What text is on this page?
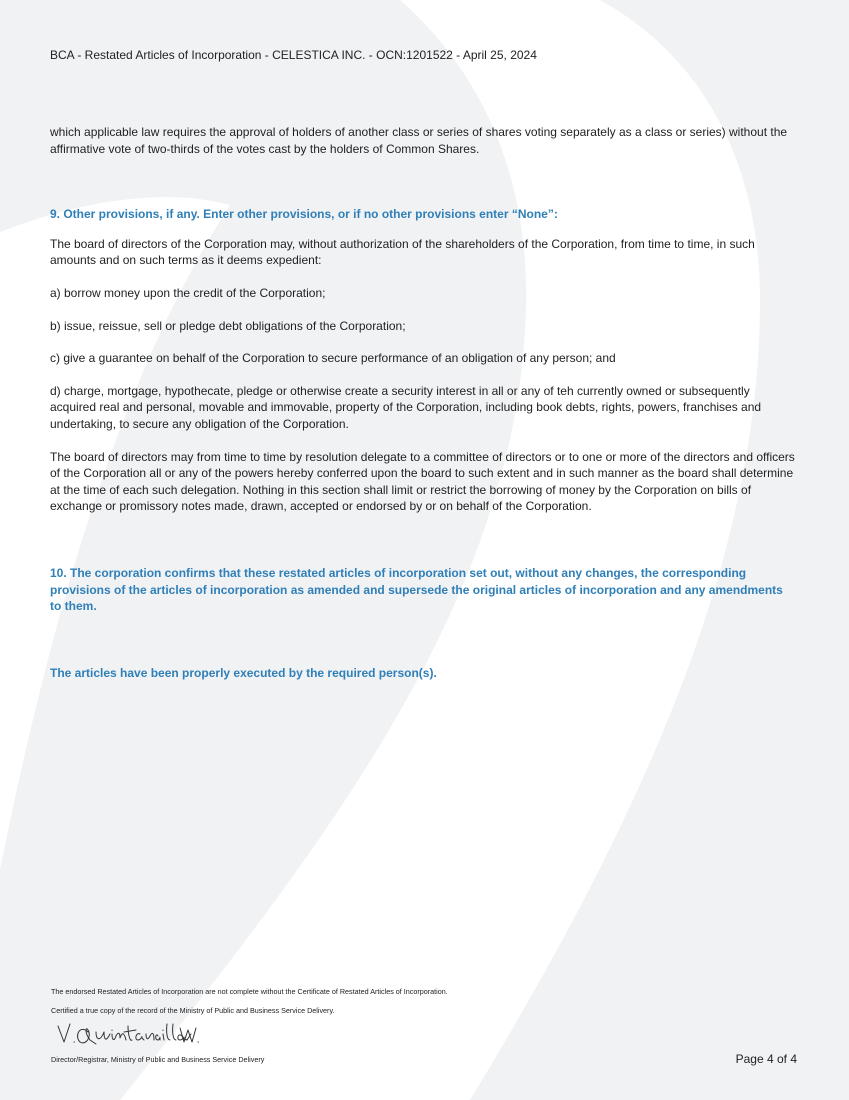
BCA - Restated Articles of Incorporation - CELESTICA INC. - OCN:1201522 - April 25, 2024

which applicable law requires the approval of holders of another class or series of shares voting separately as a class or series) without the affirmative vote of two-thirds of the votes cast by the holders of Common Shares.

9. Other provisions, if any. Enter other provisions, or if no other provisions enter “None”:

The board of directors of the Corporation may, without authorization of the shareholders of the Corporation, from time to time, in such amounts and on such terms as it deems expedient:

a) borrow money upon the credit of the Corporation;

b) issue, reissue, sell or pledge debt obligations of the Corporation;

c) give a guarantee on behalf of the Corporation to secure performance of an obligation of any person; and

d) charge, mortgage, hypothecate, pledge or otherwise create a security interest in all or any of teh currently owned or subsequently acquired real and personal, movable and immovable, property of the Corporation, including book debts, rights, powers, franchises and undertaking, to secure any obligation of the Corporation.

The board of directors may from time to time by resolution delegate to a committee of directors or to one or more of the directors and officers of the Corporation all or any of the powers hereby conferred upon the board to such extent and in such manner as the board shall determine at the time of each such delegation. Nothing in this section shall limit or restrict the borrowing of money by the Corporation on bills of exchange or promissory notes made, drawn, accepted or endorsed by or on behalf of the Corporation.

10. The corporation confirms that these restated articles of incorporation set out, without any changes, the corresponding provisions of the articles of incorporation as amended and supersede the original articles of incorporation and any amendments to them.

The articles have been properly executed by the required person(s).

The endorsed Restated Articles of Incorporation are not complete without the Certificate of Restated Articles of Incorporation.
Certified a true copy of the record of the Ministry of Public and Business Service Delivery.
Director/Registrar, Ministry of Public and Business Service Delivery	Page 4 of 4
